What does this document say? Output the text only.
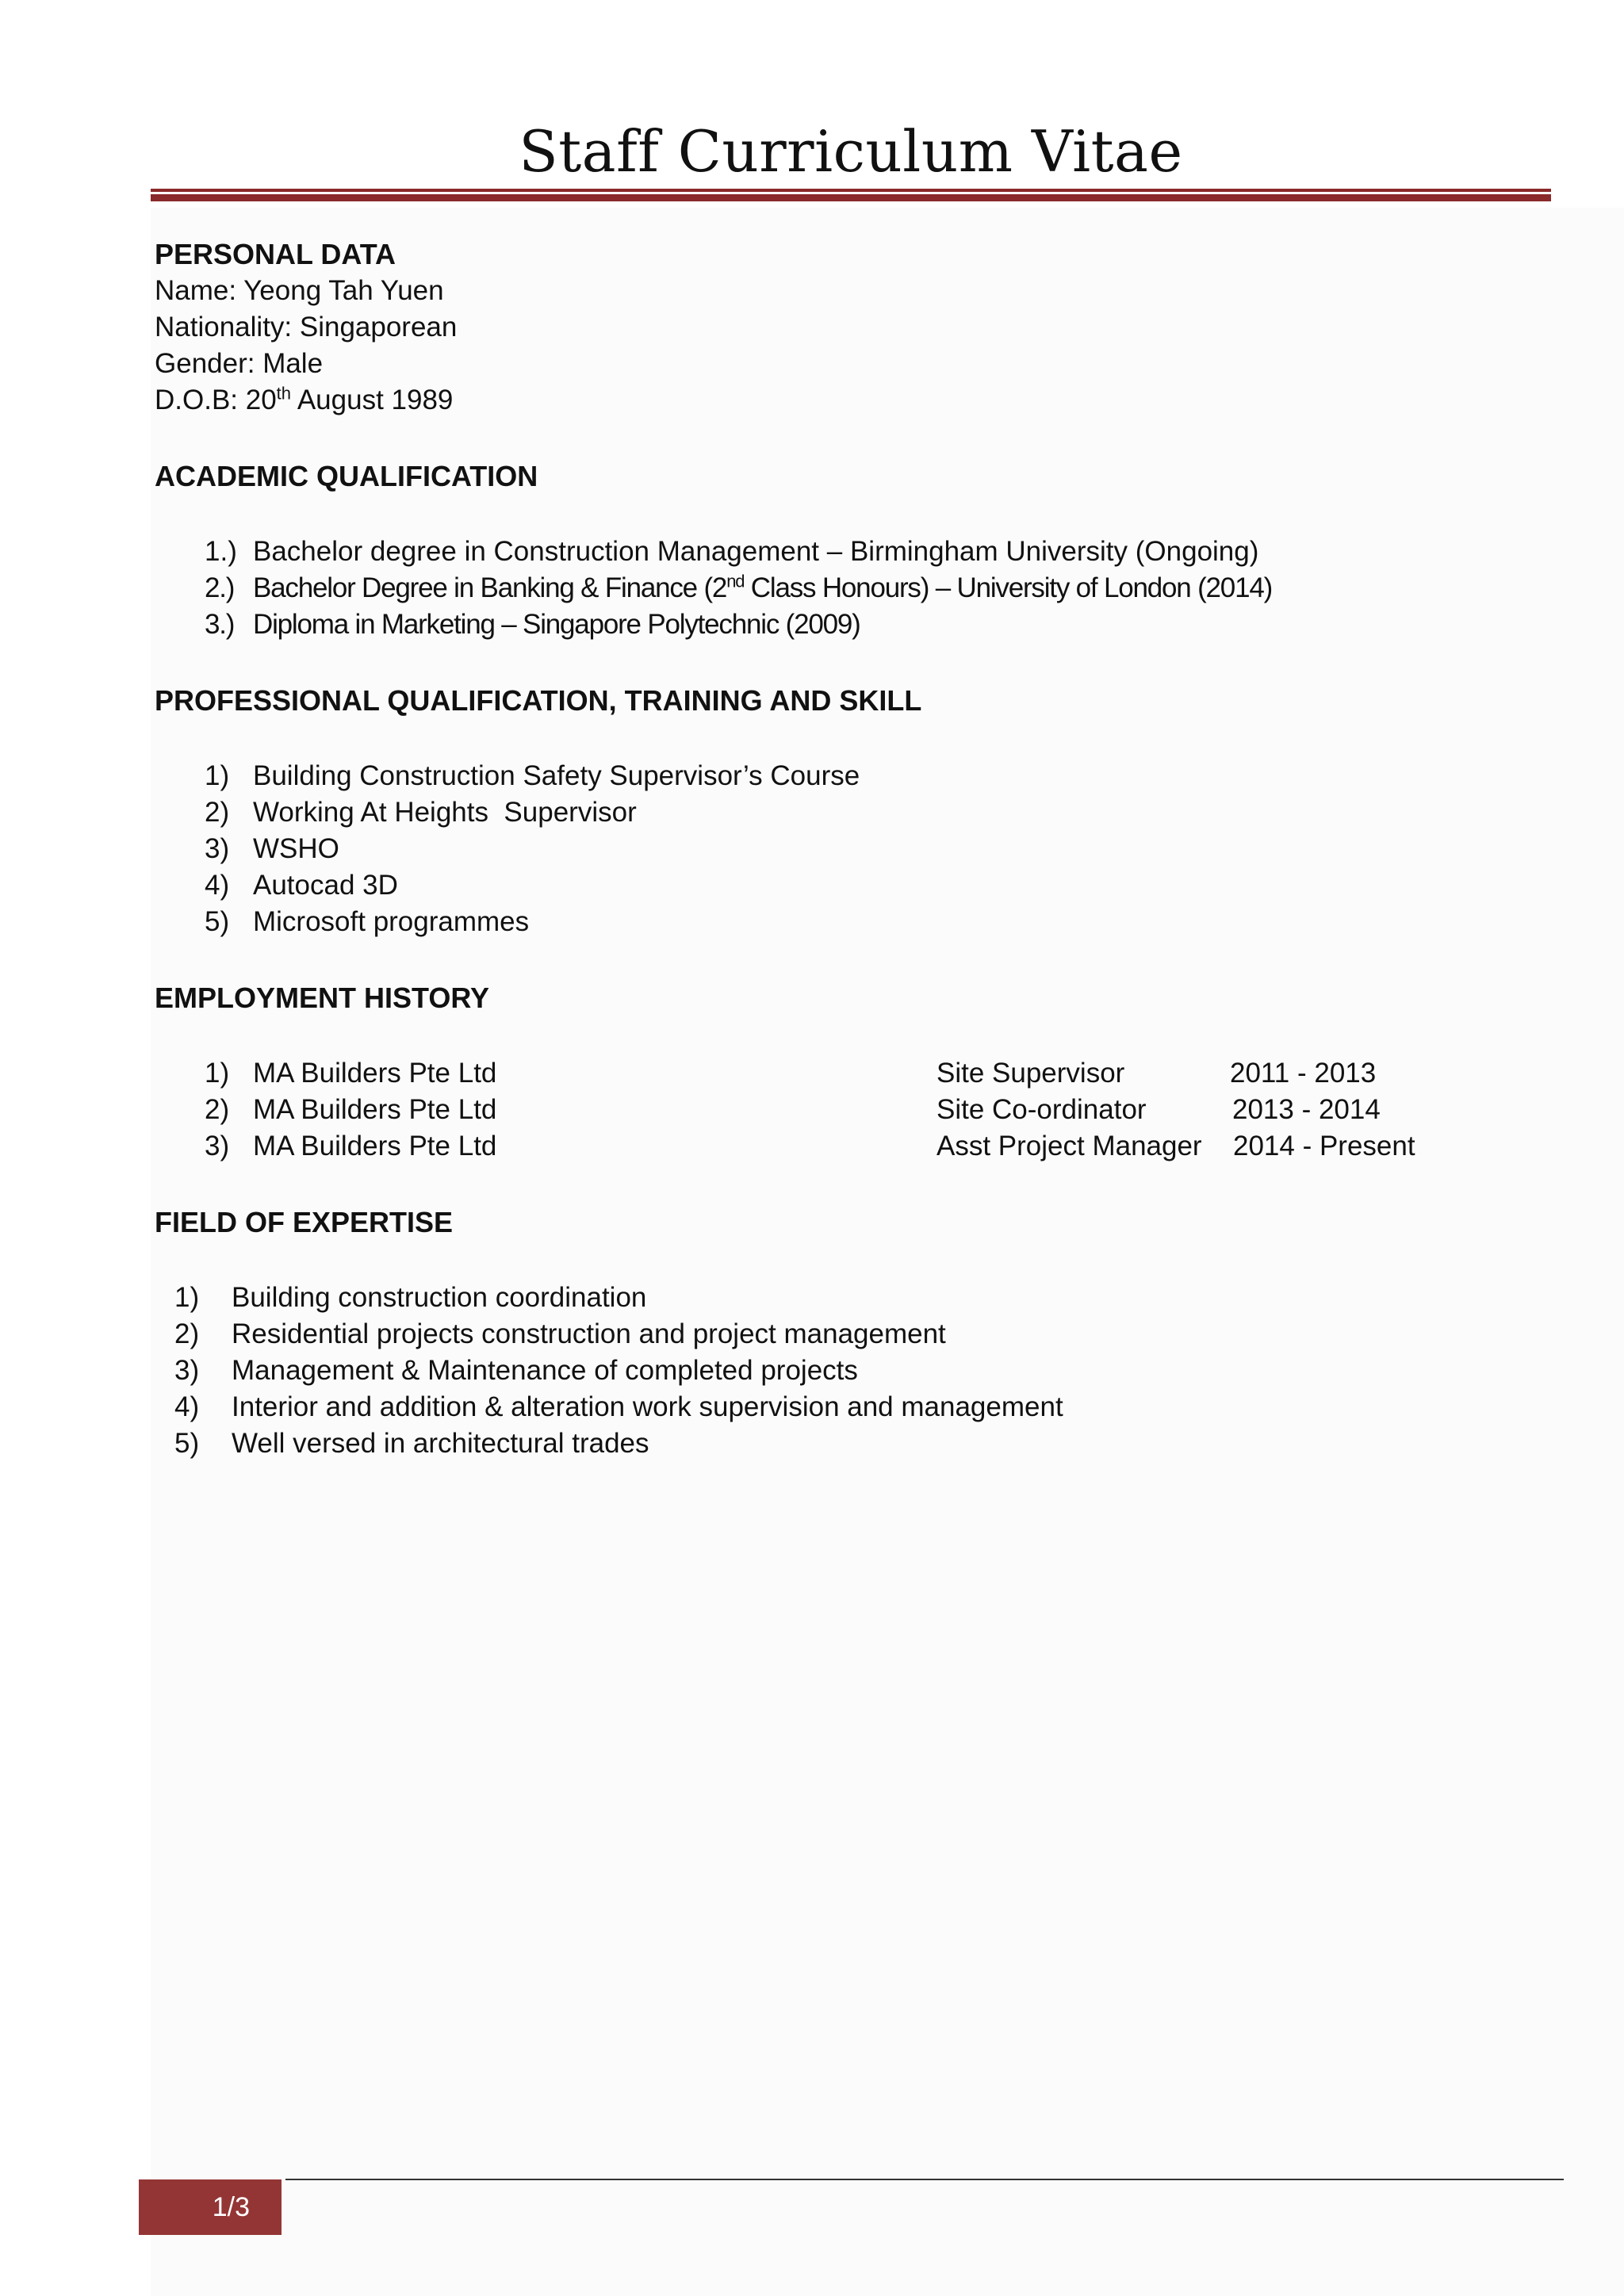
Staff Curriculum Vitae

PERSONAL DATA

Name: Yeong Tah Yuen

Nationality: Singaporean

Gender: Male

D.O.B: 20th August 1989

ACADEMIC QUALIFICATION

1.) Bachelor degree in Construction Management – Birmingham University (Ongoing)
2.) Bachelor Degree in Banking & Finance (2nd Class Honours) – University of London (2014)
3.) Diploma in Marketing – Singapore Polytechnic (2009)

PROFESSIONAL QUALIFICATION, TRAINING AND SKILL

1) Building Construction Safety Supervisor’s Course
2) Working At Heights  Supervisor
3) WSHO
4) Autocad 3D
5) Microsoft programmes

EMPLOYMENT HISTORY

1) MA Builders Pte Ltd	Site Supervisor	2011 - 2013
2) MA Builders Pte Ltd	Site Co-ordinator	2013 - 2014
3) MA Builders Pte Ltd	Asst Project Manager	2014 - Present

FIELD OF EXPERTISE

1)	Building construction coordination
2)	Residential projects construction and project management
3)	Management & Maintenance of completed projects
4)	Interior and addition & alteration work supervision and management
5)	Well versed in architectural trades
1/3
